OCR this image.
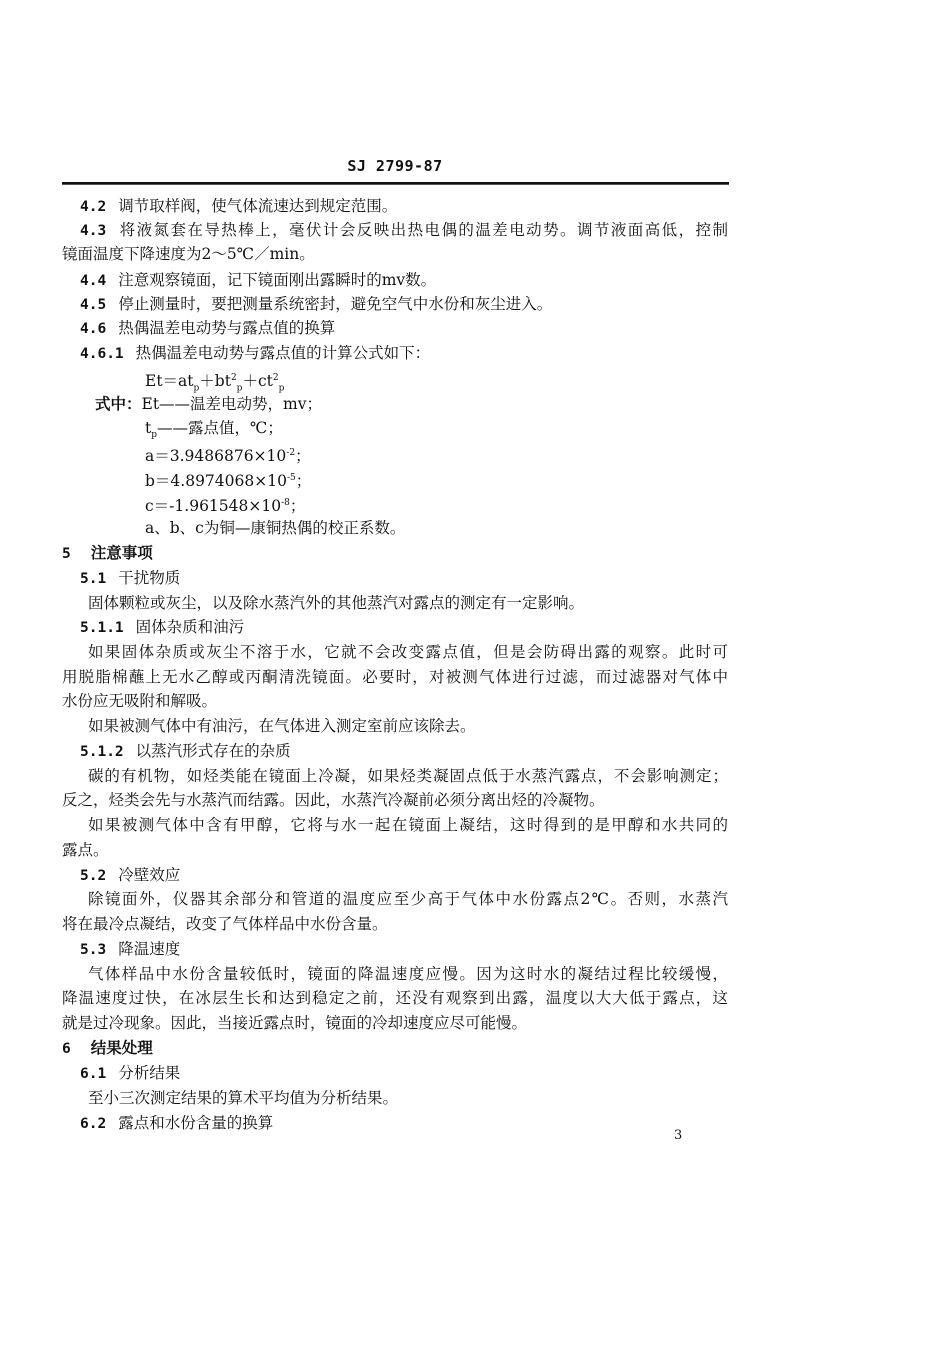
SJ 2799-87
4.2 调节取样阀，使气体流速达到规定范围。
4.3 将液氮套在导热棒上，毫伏计会反映出热电偶的温差电动势。调节液面高低，控制
镜面温度下降速度为2～5℃／min。
4.4 注意观察镜面，记下镜面刚出露瞬时的mv数。
4.5 停止测量时，要把测量系统密封，避免空气中水份和灰尘进入。
4.6 热偶温差电动势与露点值的换算
4.6.1 热偶温差电动势与露点值的计算公式如下：
$Et=at_p+bt^2_p+ct^2_p$
式中：Et——温差电动势，mv；
$t_p——$露点值，℃；
$a=3.9486876\times 10^{-2}$；
$b=4.8974068\times 10^{-5}$；
$c=-1.961548\times 10^{-8}$；
a、b、c为铜—康铜热偶的校正系数。
5 注意事项
5.1 干扰物质
固体颗粒或灰尘，以及除水蒸汽外的其他蒸汽对露点的测定有一定影响。
5.1.1 固体杂质和油污
如果固体杂质或灰尘不溶于水，它就不会改变露点值，但是会防碍出露的观察。此时可
用脱脂棉蘸上无水乙醇或丙酮清洗镜面。必要时，对被测气体进行过滤，而过滤器对气体中
水份应无吸附和解吸。
如果被测气体中有油污，在气体进入测定室前应该除去。
5.1.2 以蒸汽形式存在的杂质
碳的有机物，如烃类能在镜面上冷凝，如果烃类凝固点低于水蒸汽露点，不会影响测定；
反之，烃类会先与水蒸汽而结露。因此，水蒸汽冷凝前必须分离出烃的冷凝物。
如果被测气体中含有甲醇，它将与水一起在镜面上凝结，这时得到的是甲醇和水共同的
露点。
5.2 冷壁效应
除镜面外，仪器其余部分和管道的温度应至少高于气体中水份露点2℃。否则，水蒸汽
将在最冷点凝结，改变了气体样品中水份含量。
5.3 降温速度
气体样品中水份含量较低时，镜面的降温速度应慢。因为这时水的凝结过程比较缓慢，
降温速度过快，在冰层生长和达到稳定之前，还没有观察到出露，温度以大大低于露点，这
就是过冷现象。因此，当接近露点时，镜面的冷却速度应尽可能慢。
6 结果处理
6.1 分析结果
至小三次测定结果的算术平均值为分析结果。
6.2 露点和水份含量的换算
3
